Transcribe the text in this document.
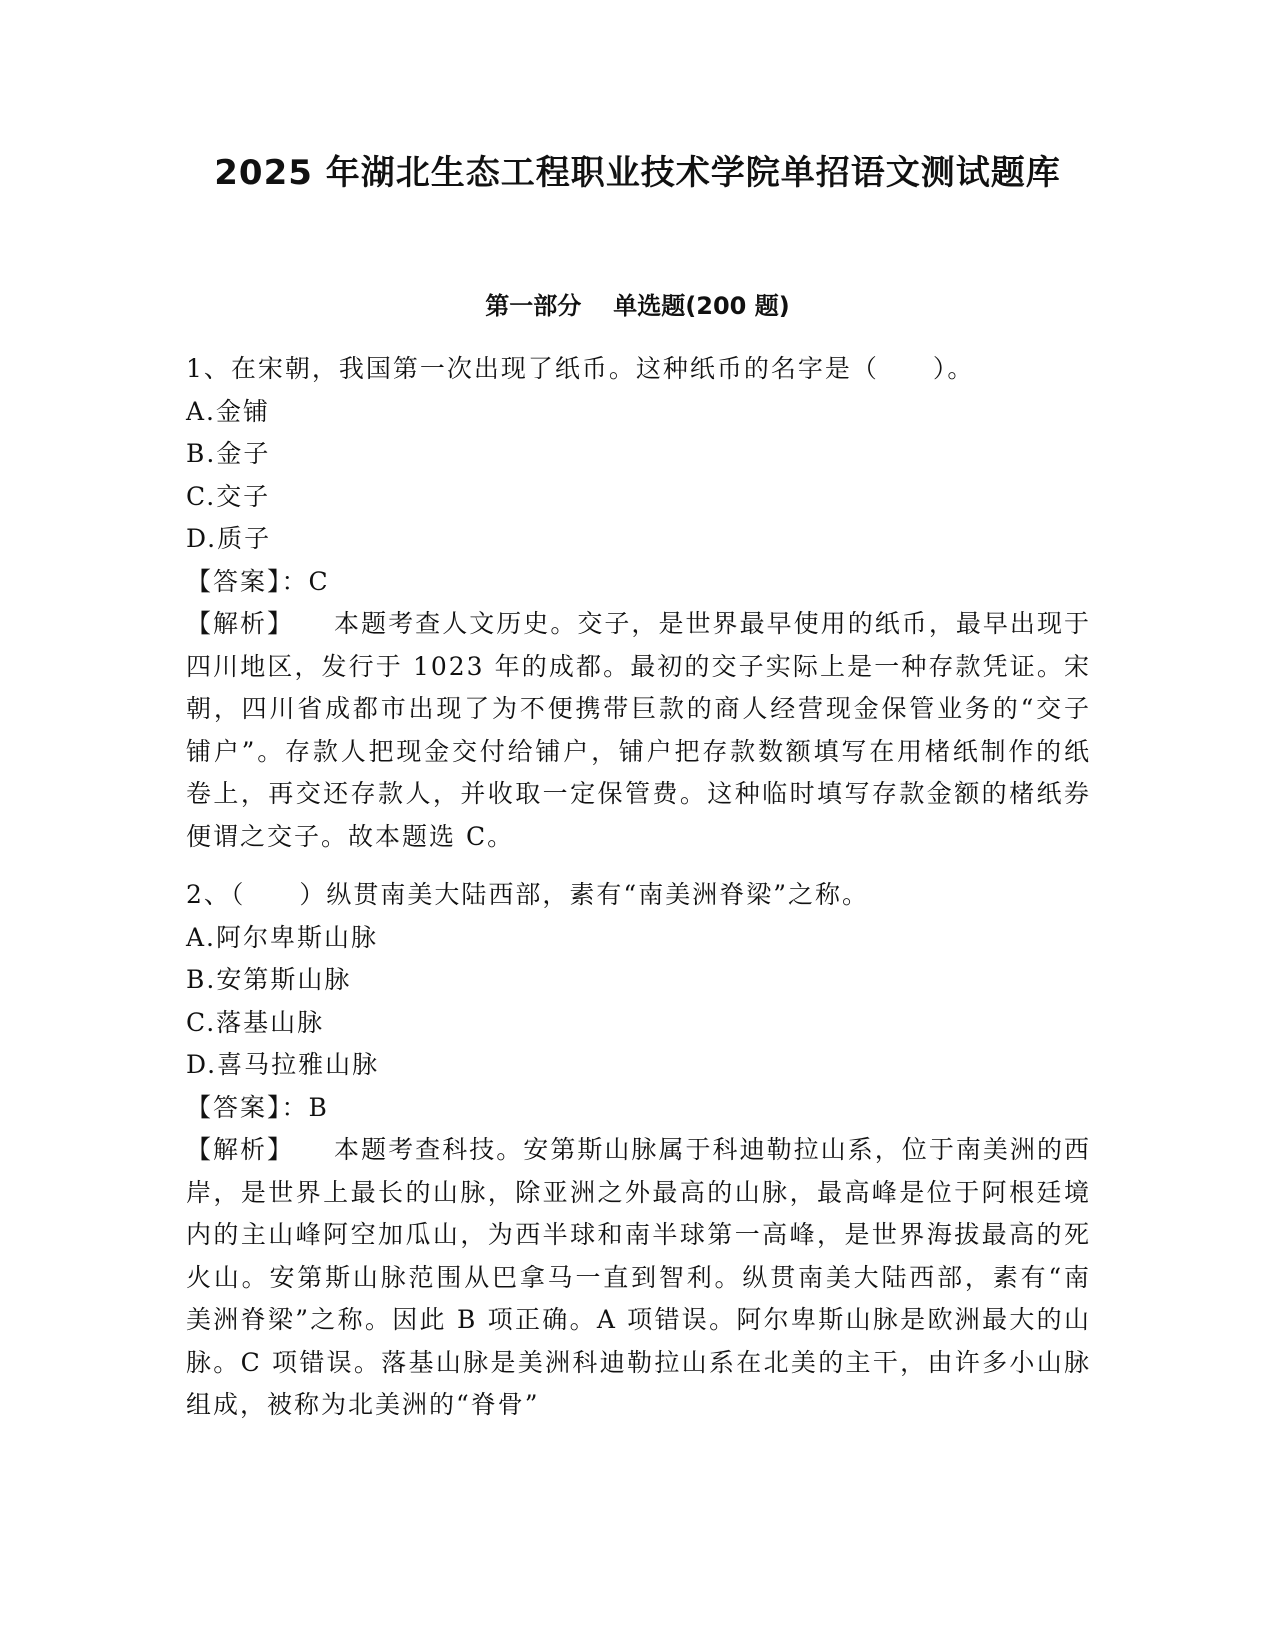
2025 年湖北生态工程职业技术学院单招语文测试题库
第一部分 单选题(200 题)
1、在宋朝，我国第一次出现了纸币。这种纸币的名字是（　　）。
A.金铺
B.金子
C.交子
D.质子
【答案】：C
【解析】 本题考查人文历史。交子，是世界最早使用的纸币，最早出现于四川地区，发行于 1023 年的成都。最初的交子实际上是一种存款凭证。宋朝，四川省成都市出现了为不便携带巨款的商人经营现金保管业务的“交子铺户”。存款人把现金交付给铺户，铺户把存款数额填写在用楮纸制作的纸卷上，再交还存款人，并收取一定保管费。这种临时填写存款金额的楮纸券便谓之交子。故本题选 C。
2、（　　）纵贯南美大陆西部，素有“南美洲脊梁”之称。
A.阿尔卑斯山脉
B.安第斯山脉
C.落基山脉
D.喜马拉雅山脉
【答案】：B
【解析】 本题考查科技。安第斯山脉属于科迪勒拉山系，位于南美洲的西岸，是世界上最长的山脉，除亚洲之外最高的山脉，最高峰是位于阿根廷境内的主山峰阿空加瓜山，为西半球和南半球第一高峰，是世界海拔最高的死火山。安第斯山脉范围从巴拿马一直到智利。纵贯南美大陆西部，素有“南美洲脊梁”之称。因此 B 项正确。A 项错误。阿尔卑斯山脉是欧洲最大的山脉。C 项错误。落基山脉是美洲科迪勒拉山系在北美的主干，由许多小山脉组成，被称为北美洲的“脊骨”
